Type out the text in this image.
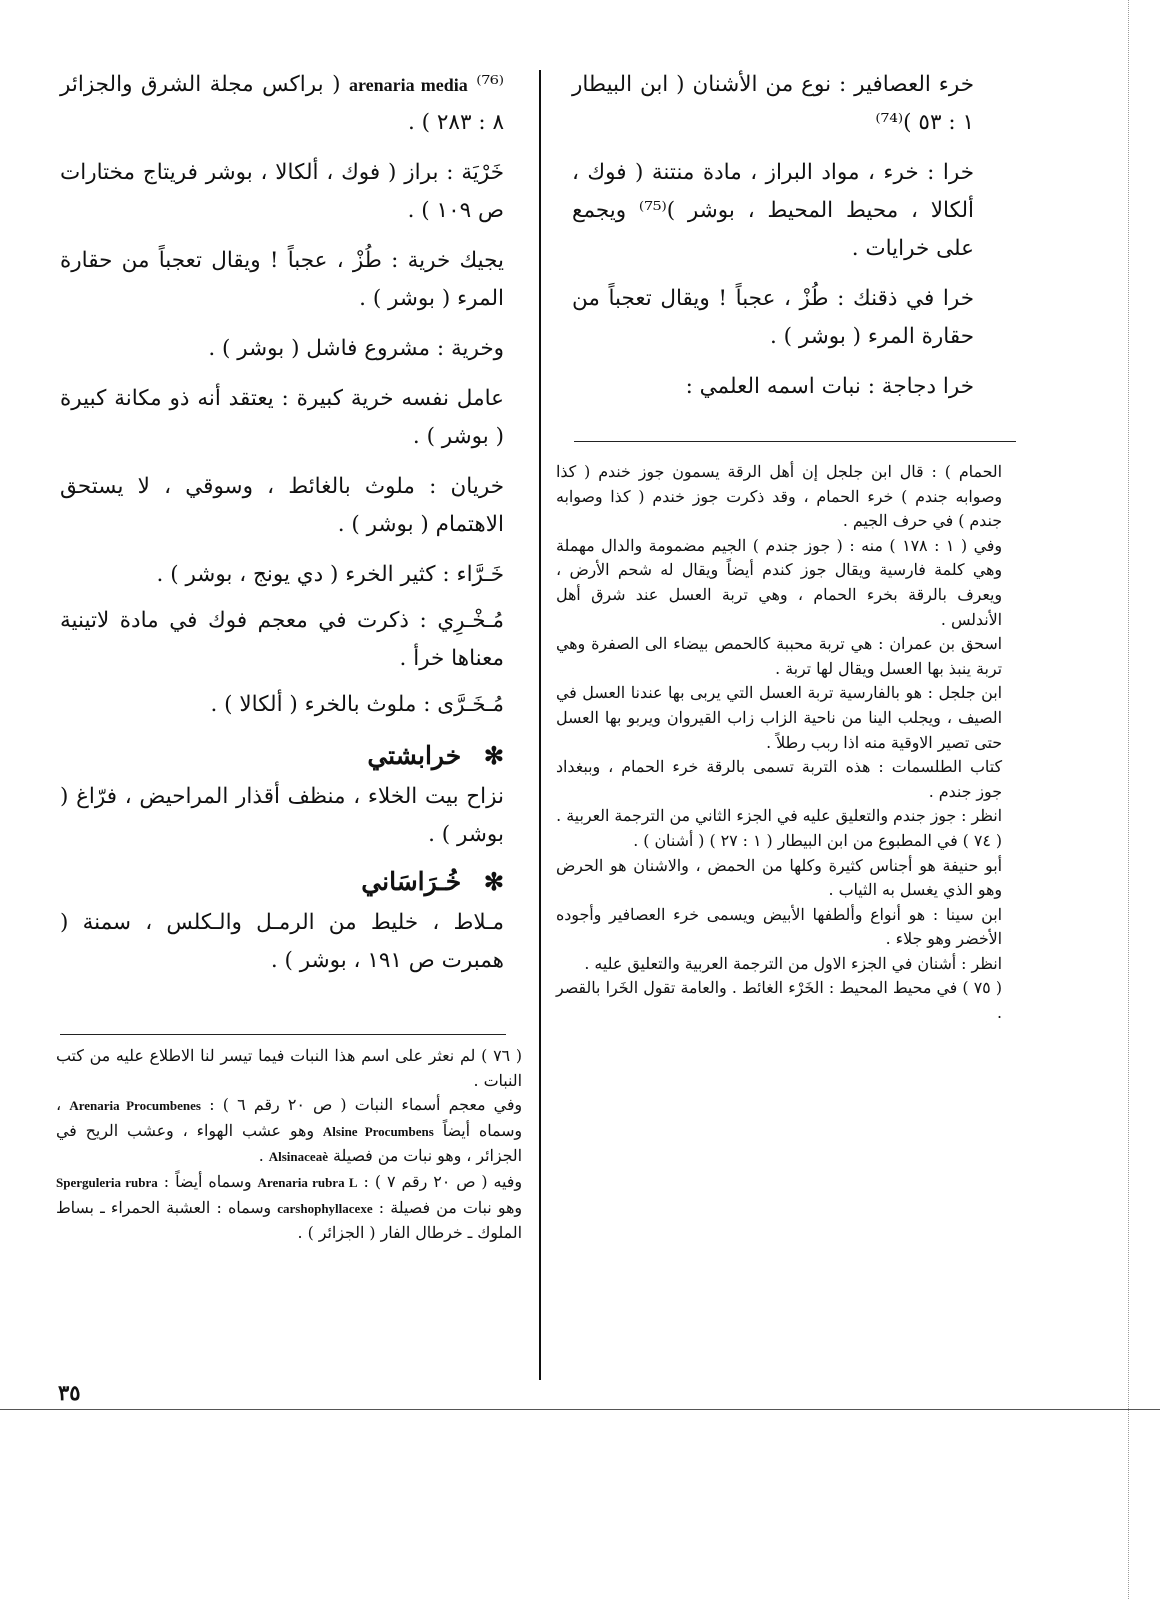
خرء العصافير : نوع من الأشنان ( ابن البيطار ١ : ٥٣ )⁽⁷⁴⁾

خرا : خرء ، مواد البراز ، مادة منتنة ( فوك ، ألكالا ، محيط المحيط ، بوشر )⁽⁷⁵⁾ ويجمع على خرايات .

خرا في ذقنك : طُزْ ، عجباً ! ويقال تعجباً من حقارة المرء ( بوشر ) .

خرا دجاجة : نبات اسمه العلمي :

الحمام ) : قال ابن جلجل إن أهل الرقة يسمون جوز خندم ( كذا وصوابه جندم ) خرء الحمام ، وقد ذكرت جوز خندم ( كذا وصوابه جندم ) في حرف الجيم .

وفي ( ١ : ١٧٨ ) منه : ( جوز جندم ) الجيم مضمومة والدال مهملة وهي كلمة فارسية ويقال جوز كندم أيضاً ويقال له شحم الأرض ، ويعرف بالرقة بخرء الحمام ، وهي تربة العسل عند شرق أهل الأندلس .

اسحق بن عمران : هي تربة محببة كالحمص بيضاء الى الصفرة وهي تربة ينبذ بها العسل ويقال لها تربة .

ابن جلجل : هو بالفارسية تربة العسل التي يربى بها عندنا العسل في الصيف ، ويجلب الينا من ناحية الزاب زاب القيروان ويربو بها العسل حتى تصير الاوقية منه اذا ربب رطلاً .

كتاب الطلسمات : هذه التربة تسمى بالرقة خرء الحمام ، وببغداد جوز جندم .

انظر : جوز جندم والتعليق عليه في الجزء الثاني من الترجمة العربية .

( ٧٤ ) في المطبوع من ابن البيطار ( ١ : ٢٧ ) ( أشنان ) .

أبو حنيفة هو أجناس كثيرة وكلها من الحمض ، والاشنان هو الحرض وهو الذي يغسل به الثياب .

ابن سينا : هو أنواع وألطفها الأبيض ويسمى خرء العصافير وأجوده الأخضر وهو جلاء .

انظر : أشنان في الجزء الاول من الترجمة العربية والتعليق عليه .

( ٧٥ ) في محيط المحيط : الخَرْء الغائط . والعامة تقول الخَرا بالقصر .

arenaria media ⁽⁷⁶⁾ ( براكس مجلة الشرق والجزائر ٨ : ٢٨٣ ) .

خَرْيَة : براز ( فوك ، ألكالا ، بوشر فريتاج مختارات ص ١٠٩ ) .

يجيك خرية : طُزْ ، عجباً ! ويقال تعجباً من حقارة المرء ( بوشر ) .

وخرية : مشروع فاشل ( بوشر ) .

عامل نفسه خرية كبيرة : يعتقد أنه ذو مكانة كبيرة ( بوشر ) .

خريان : ملوث بالغائط ، وسوقي ، لا يستحق الاهتمام ( بوشر ) .

خَـرَّاء : كثير الخرء ( دي يونج ، بوشر ) .

مُـخْـرِي : ذكرت في معجم فوك في مادة لاتينية معناها خرأ .

مُـخَـرَّى : ملوث بالخرء ( ألكالا ) .

✻ خرابشتي

نزاح بيت الخلاء ، منظف أقذار المراحيض ، فرّاغ ( بوشر ) .

✻ خُـرَاسَاني

مـلاط ، خليط من الرمـل والـكلس ، سمنة ( همبرت ص ١٩١ ، بوشر ) .

( ٧٦ ) لم نعثر على اسم هذا النبات فيما تيسر لنا الاطلاع عليه من كتب النبات .

وفي معجم أسماء النبات ( ص ٢٠ رقم ٦ ) : Arenaria Procumbenes ، وسماه أيضاً Alsine Procumbens وهو عشب الهواء ، وعشب الريح في الجزائر ، وهو نبات من فصيلة Alsinaceaè .

وفيه ( ص ٢٠ رقم ٧ ) : Arenaria rubra L وسماه أيضاً : Sperguleria rubra وهو نبات من فصيلة : carshophyllacexe وسماه : العشبة الحمراء ـ بساط الملوك ـ خرطال الفار ( الجزائر ) .

٣٥
